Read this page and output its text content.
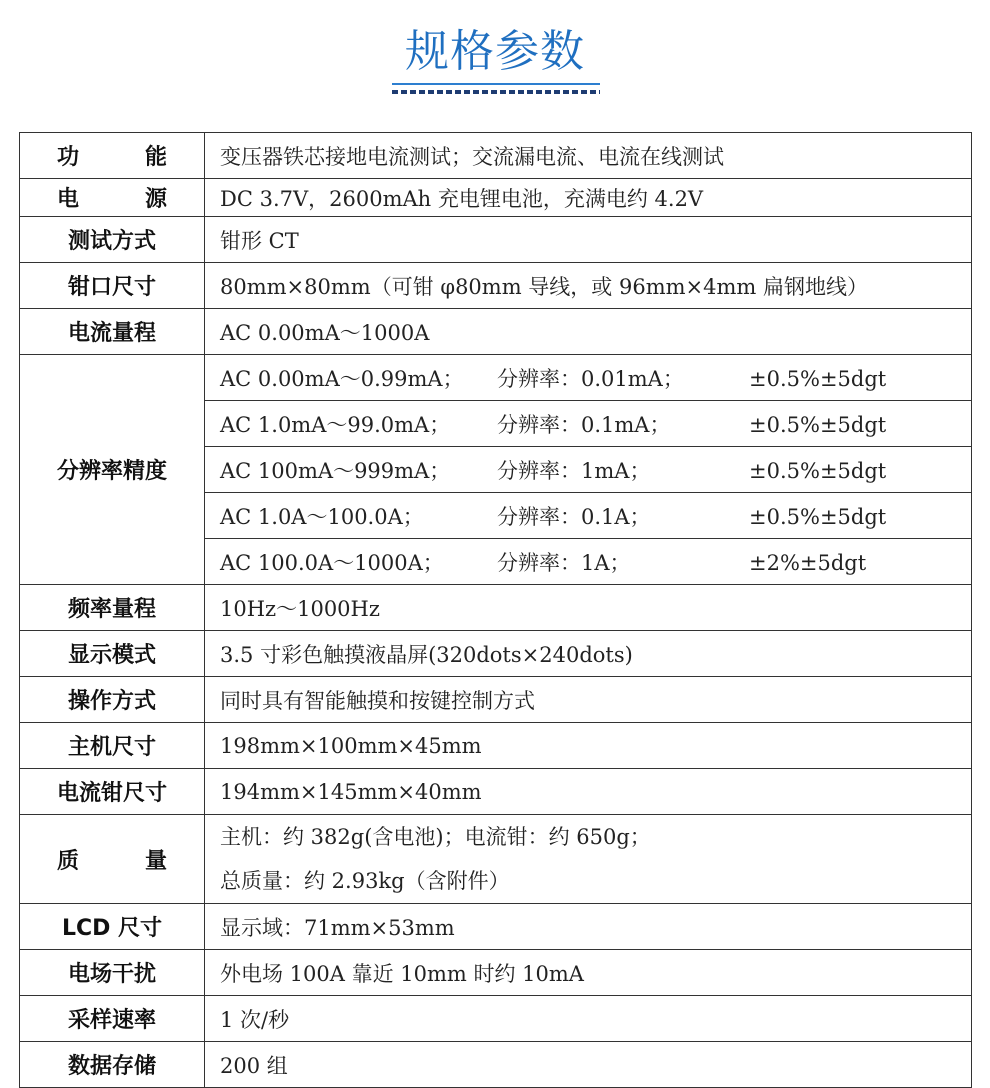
规格参数
功　能	变压器铁芯接地电流测试；交流漏电流、电流在线测试
电　源	DC 3.7V，2600mAh 充电锂电池，充满电约 4.2V
测试方式	钳形 CT
钳口尺寸	80mm×80mm（可钳 φ80mm 导线，或 96mm×4mm 扁钢地线）
电流量程	AC 0.00mA～1000A
分辨率精度	AC 0.00mA～0.99mA； 分辨率：0.01mA； ±0.5%±5dgt
	AC 1.0mA～99.0mA； 分辨率：0.1mA； ±0.5%±5dgt
	AC 100mA～999mA； 分辨率：1mA； ±0.5%±5dgt
	AC 1.0A～100.0A； 分辨率：0.1A； ±0.5%±5dgt
	AC 100.0A～1000A； 分辨率：1A； ±2%±5dgt
频率量程	10Hz～1000Hz
显示模式	3.5 寸彩色触摸液晶屏(320dots×240dots)
操作方式	同时具有智能触摸和按键控制方式
主机尺寸	198mm×100mm×45mm
电流钳尺寸	194mm×145mm×40mm
质　量	主机：约 382g(含电池)；电流钳：约 650g；
总质量：约 2.93kg（含附件）

LCD 尺寸	显示域：71mm×53mm
电场干扰	外电场 100A 靠近 10mm 时约 10mA
采样速率	1 次/秒
数据存储	200 组
